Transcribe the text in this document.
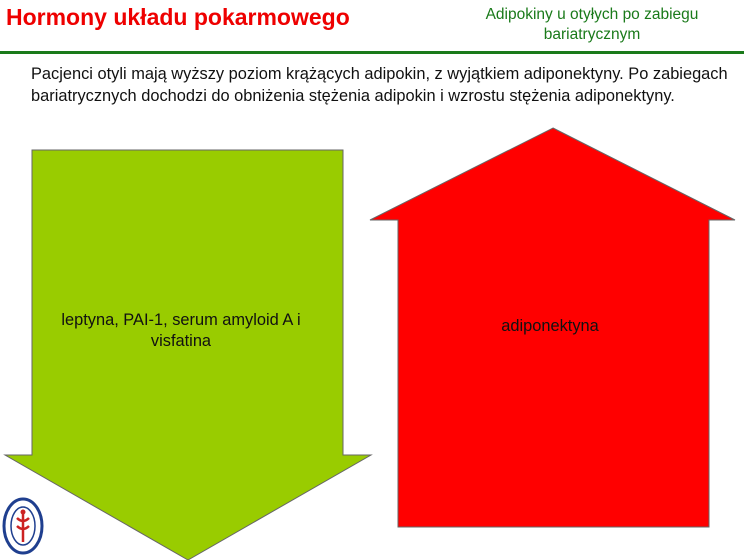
Hormony układu pokarmowego	Adipokiny u otyłych po zabiegu bariatrycznym
Pacjenci otyli mają wyższy poziom krążących adipokin, z wyjątkiem adiponektyny. Po zabiegach bariatrycznych dochodzi do obniżenia stężenia adipokin i wzrostu stężenia adiponektyny.
leptyna, PAI-1, serum amyloid A i visfatina
adiponektyna
